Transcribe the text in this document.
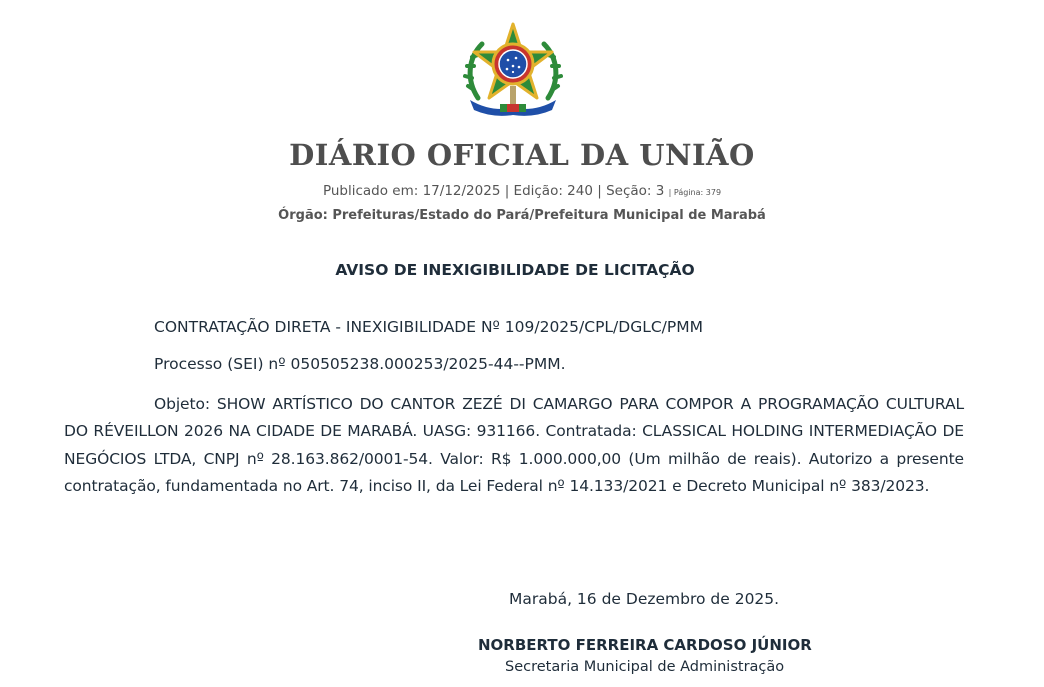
DIÁRIO OFICIAL DA UNIÃO
Publicado em: 17/12/2025 | Edição: 240 | Seção: 3 | Página: 379
Órgão: Prefeituras/Estado do Pará/Prefeitura Municipal de Marabá
AVISO DE INEXIGIBILIDADE DE LICITAÇÃO

CONTRATAÇÃO DIRETA - INEXIGIBILIDADE Nº 109/2025/CPL/DGLC/PMM

Processo (SEI) nº 050505238.000253/2025-44--PMM.

Objeto: SHOW ARTÍSTICO DO CANTOR ZEZÉ DI CAMARGO PARA COMPOR A PROGRAMAÇÃO CULTURAL DO RÉVEILLON 2026 NA CIDADE DE MARABÁ. UASG: 931166. Contratada: CLASSICAL HOLDING INTERMEDIAÇÃO DE NEGÓCIOS LTDA, CNPJ nº 28.163.862/0001-54. Valor: R$ 1.000.000,00 (Um milhão de reais). Autorizo a presente contratação, fundamentada no Art. 74, inciso II, da Lei Federal nº 14.133/2021 e Decreto Municipal nº 383/2023.

Marabá, 16 de Dezembro de 2025.
NORBERTO FERREIRA CARDOSO JÚNIOR
Secretaria Municipal de Administração
